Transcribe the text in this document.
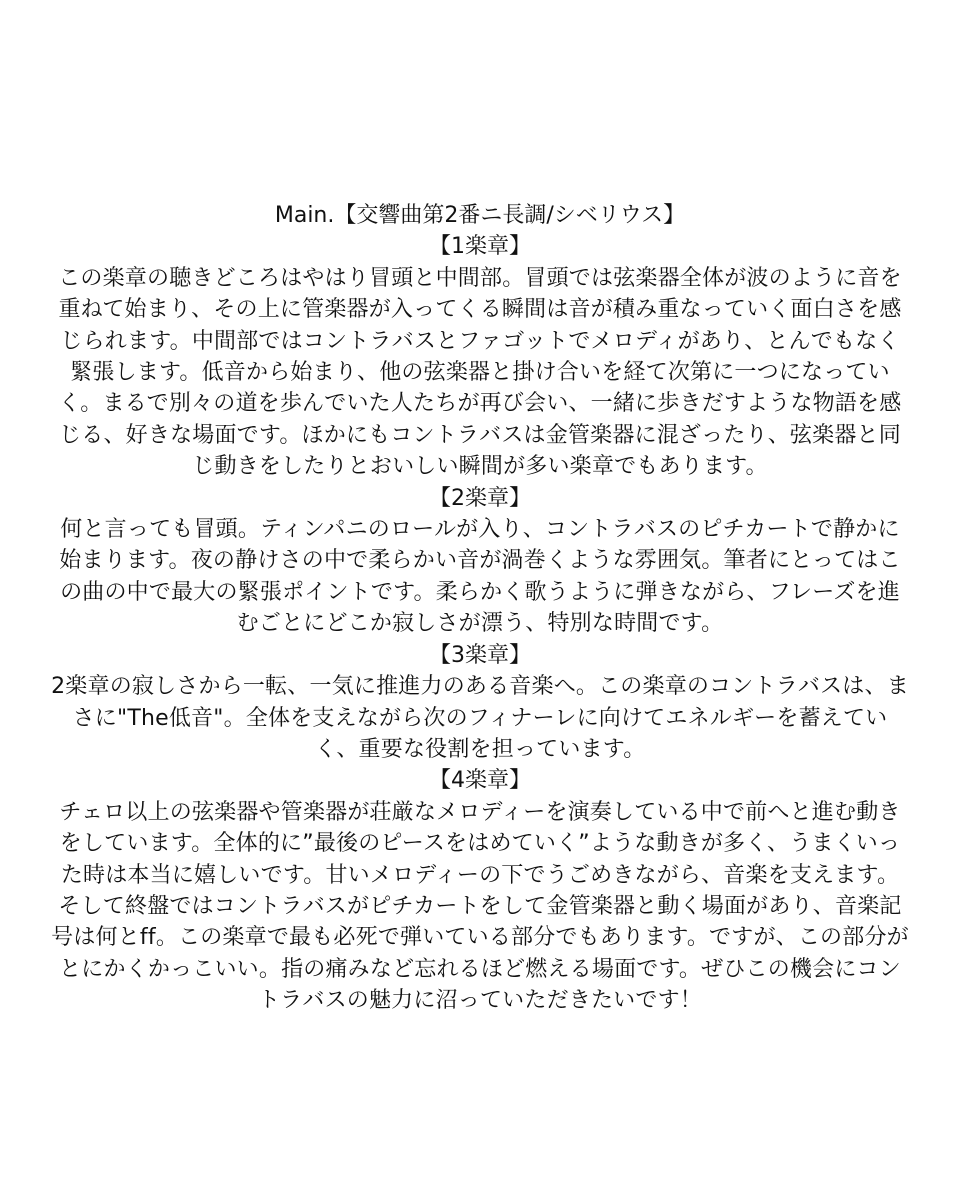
Main.【交響曲第2番ニ長調/シベリウス】
【1楽章】
この楽章の聴きどころはやはり冒頭と中間部。冒頭では弦楽器全体が波のように音を
重ねて始まり、その上に管楽器が入ってくる瞬間は音が積み重なっていく面白さを感
じられます。中間部ではコントラバスとファゴットでメロディがあり、とんでもなく
緊張します。低音から始まり、他の弦楽器と掛け合いを経て次第に一つになってい
く。まるで別々の道を歩んでいた人たちが再び会い、一緒に歩きだすような物語を感
じる、好きな場面です。ほかにもコントラバスは金管楽器に混ざったり、弦楽器と同
じ動きをしたりとおいしい瞬間が多い楽章でもあります。
【2楽章】
何と言っても冒頭。ティンパニのロールが入り、コントラバスのピチカートで静かに
始まります。夜の静けさの中で柔らかい音が渦巻くような雰囲気。筆者にとってはこ
の曲の中で最大の緊張ポイントです。柔らかく歌うように弾きながら、フレーズを進
むごとにどこか寂しさが漂う、特別な時間です。
【3楽章】
2楽章の寂しさから一転、一気に推進力のある音楽へ。この楽章のコントラバスは、ま
さに"The低音"。全体を支えながら次のフィナーレに向けてエネルギーを蓄えてい
く、重要な役割を担っています。
【4楽章】
チェロ以上の弦楽器や管楽器が荘厳なメロディーを演奏している中で前へと進む動き
をしています。全体的に”最後のピースをはめていく”ような動きが多く、うまくいっ
た時は本当に嬉しいです。甘いメロディーの下でうごめきながら、音楽を支えます。
そして終盤ではコントラバスがピチカートをして金管楽器と動く場面があり、音楽記
号は何とff。この楽章で最も必死で弾いている部分でもあります。ですが、この部分が
とにかくかっこいい。指の痛みなど忘れるほど燃える場面です。ぜひこの機会にコン
トラバスの魅力に沼っていただきたいです！
